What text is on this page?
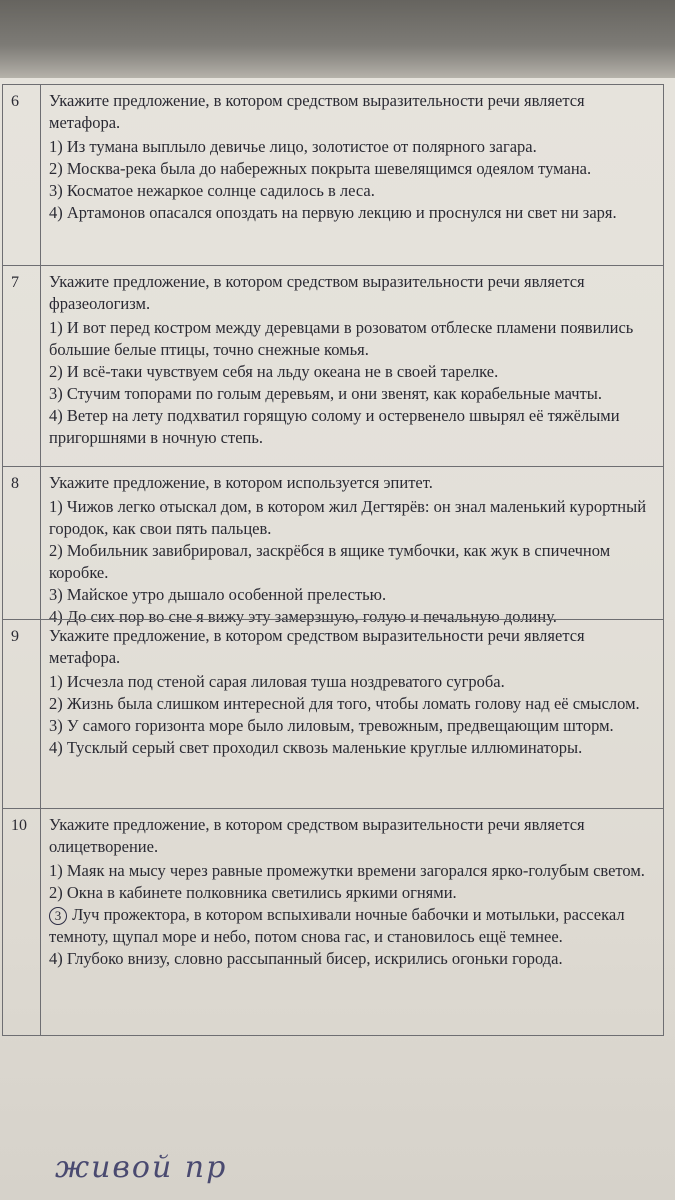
6	Укажите предложение, в котором средством выразительности речи является метафора.

1) Из тумана выплыло девичье лицо, золотистое от полярного загара.

2) Москва-река была до набережных покрыта шевелящимся одеялом тумана.

3) Косматое нежаркое солнце садилось в леса.

4) Артамонов опасался опоздать на первую лекцию и проснулся ни свет ни заря.

7	Укажите предложение, в котором средством выразительности речи является фразеологизм.

1) И вот перед костром между деревцами в розоватом отблеске пламени появились большие белые птицы, точно снежные комья.

2) И всё-таки чувствуем себя на льду океана не в своей тарелке.

3) Стучим топорами по голым деревьям, и они звенят, как корабельные мачты.

4) Ветер на лету подхватил горящую солому и остервенело швырял её тяжёлыми пригоршнями в ночную степь.

8	Укажите предложение, в котором используется эпитет.

1) Чижов легко отыскал дом, в котором жил Дегтярёв: он знал маленький курортный городок, как свои пять пальцев.

2) Мобильник завибрировал, заскрёбся в ящике тумбочки, как жук в спичечном коробке.

3) Майское утро дышало особенной прелестью.

4) До сих пор во сне я вижу эту замерзшую, голую и печальную долину.

9	Укажите предложение, в котором средством выразительности речи является метафора.

1) Исчезла под стеной сарая лиловая туша ноздреватого сугроба.

2) Жизнь была слишком интересной для того, чтобы ломать голову над её смыслом.

3) У самого горизонта море было лиловым, тревожным, предвещающим шторм.

4) Тусклый серый свет проходил сквозь маленькие круглые иллюминаторы.

10	Укажите предложение, в котором средством выразительности речи является олицетворение.

1) Маяк на мысу через равные промежутки времени загорался ярко-голубым светом.

2) Окна в кабинете полковника светились яркими огнями.

3 Луч прожектора, в котором вспыхивали ночные бабочки и мотыльки, рассекал темноту, щупал море и небо, потом снова гас, и становилось ещё темнее.

4) Глубоко внизу, словно рассыпанный бисер, искрились огоньки города.

живой пр
